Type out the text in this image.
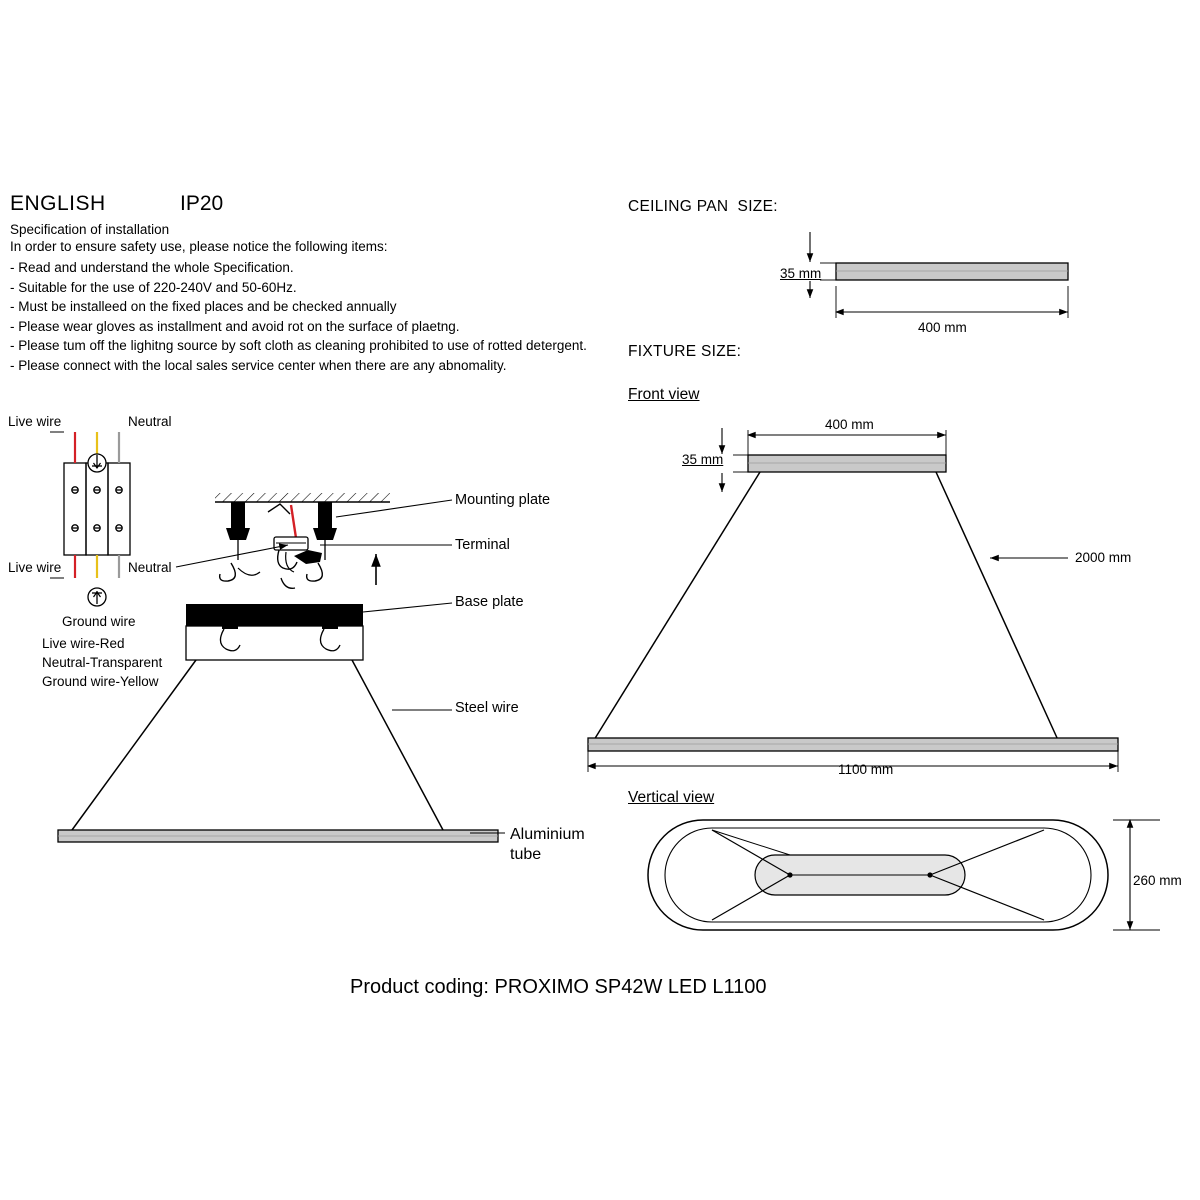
ENGLISH	IP20
Specification of installation
In order to ensure safety use, please notice the following items:
- Read and understand the whole Specification.
- Suitable for the use of 220-240V and 50-60Hz.
- Must be installeed on the fixed places and be checked annually
- Please wear gloves as installment and avoid rot on the surface of plaetng.
- Please tum off the lighitng source by soft cloth as cleaning prohibited to use of rotted detergent.
- Please connect with the local sales service center when there are any abnomality.
Live wire	Neutral
Live wire	Neutral
Ground wire
Live wire-Red
Neutral-Transparent
Ground wire-Yellow
Mounting plate
Terminal
Base plate
Steel wire
Aluminium
tube
CEILING PAN  SIZE:
FIXTURE SIZE:
Front view
Vertical view
35 mm
400 mm
400 mm
35 mm
2000 mm
1100 mm
260 mm
Product coding: PROXIMO SP42W LED L1100
